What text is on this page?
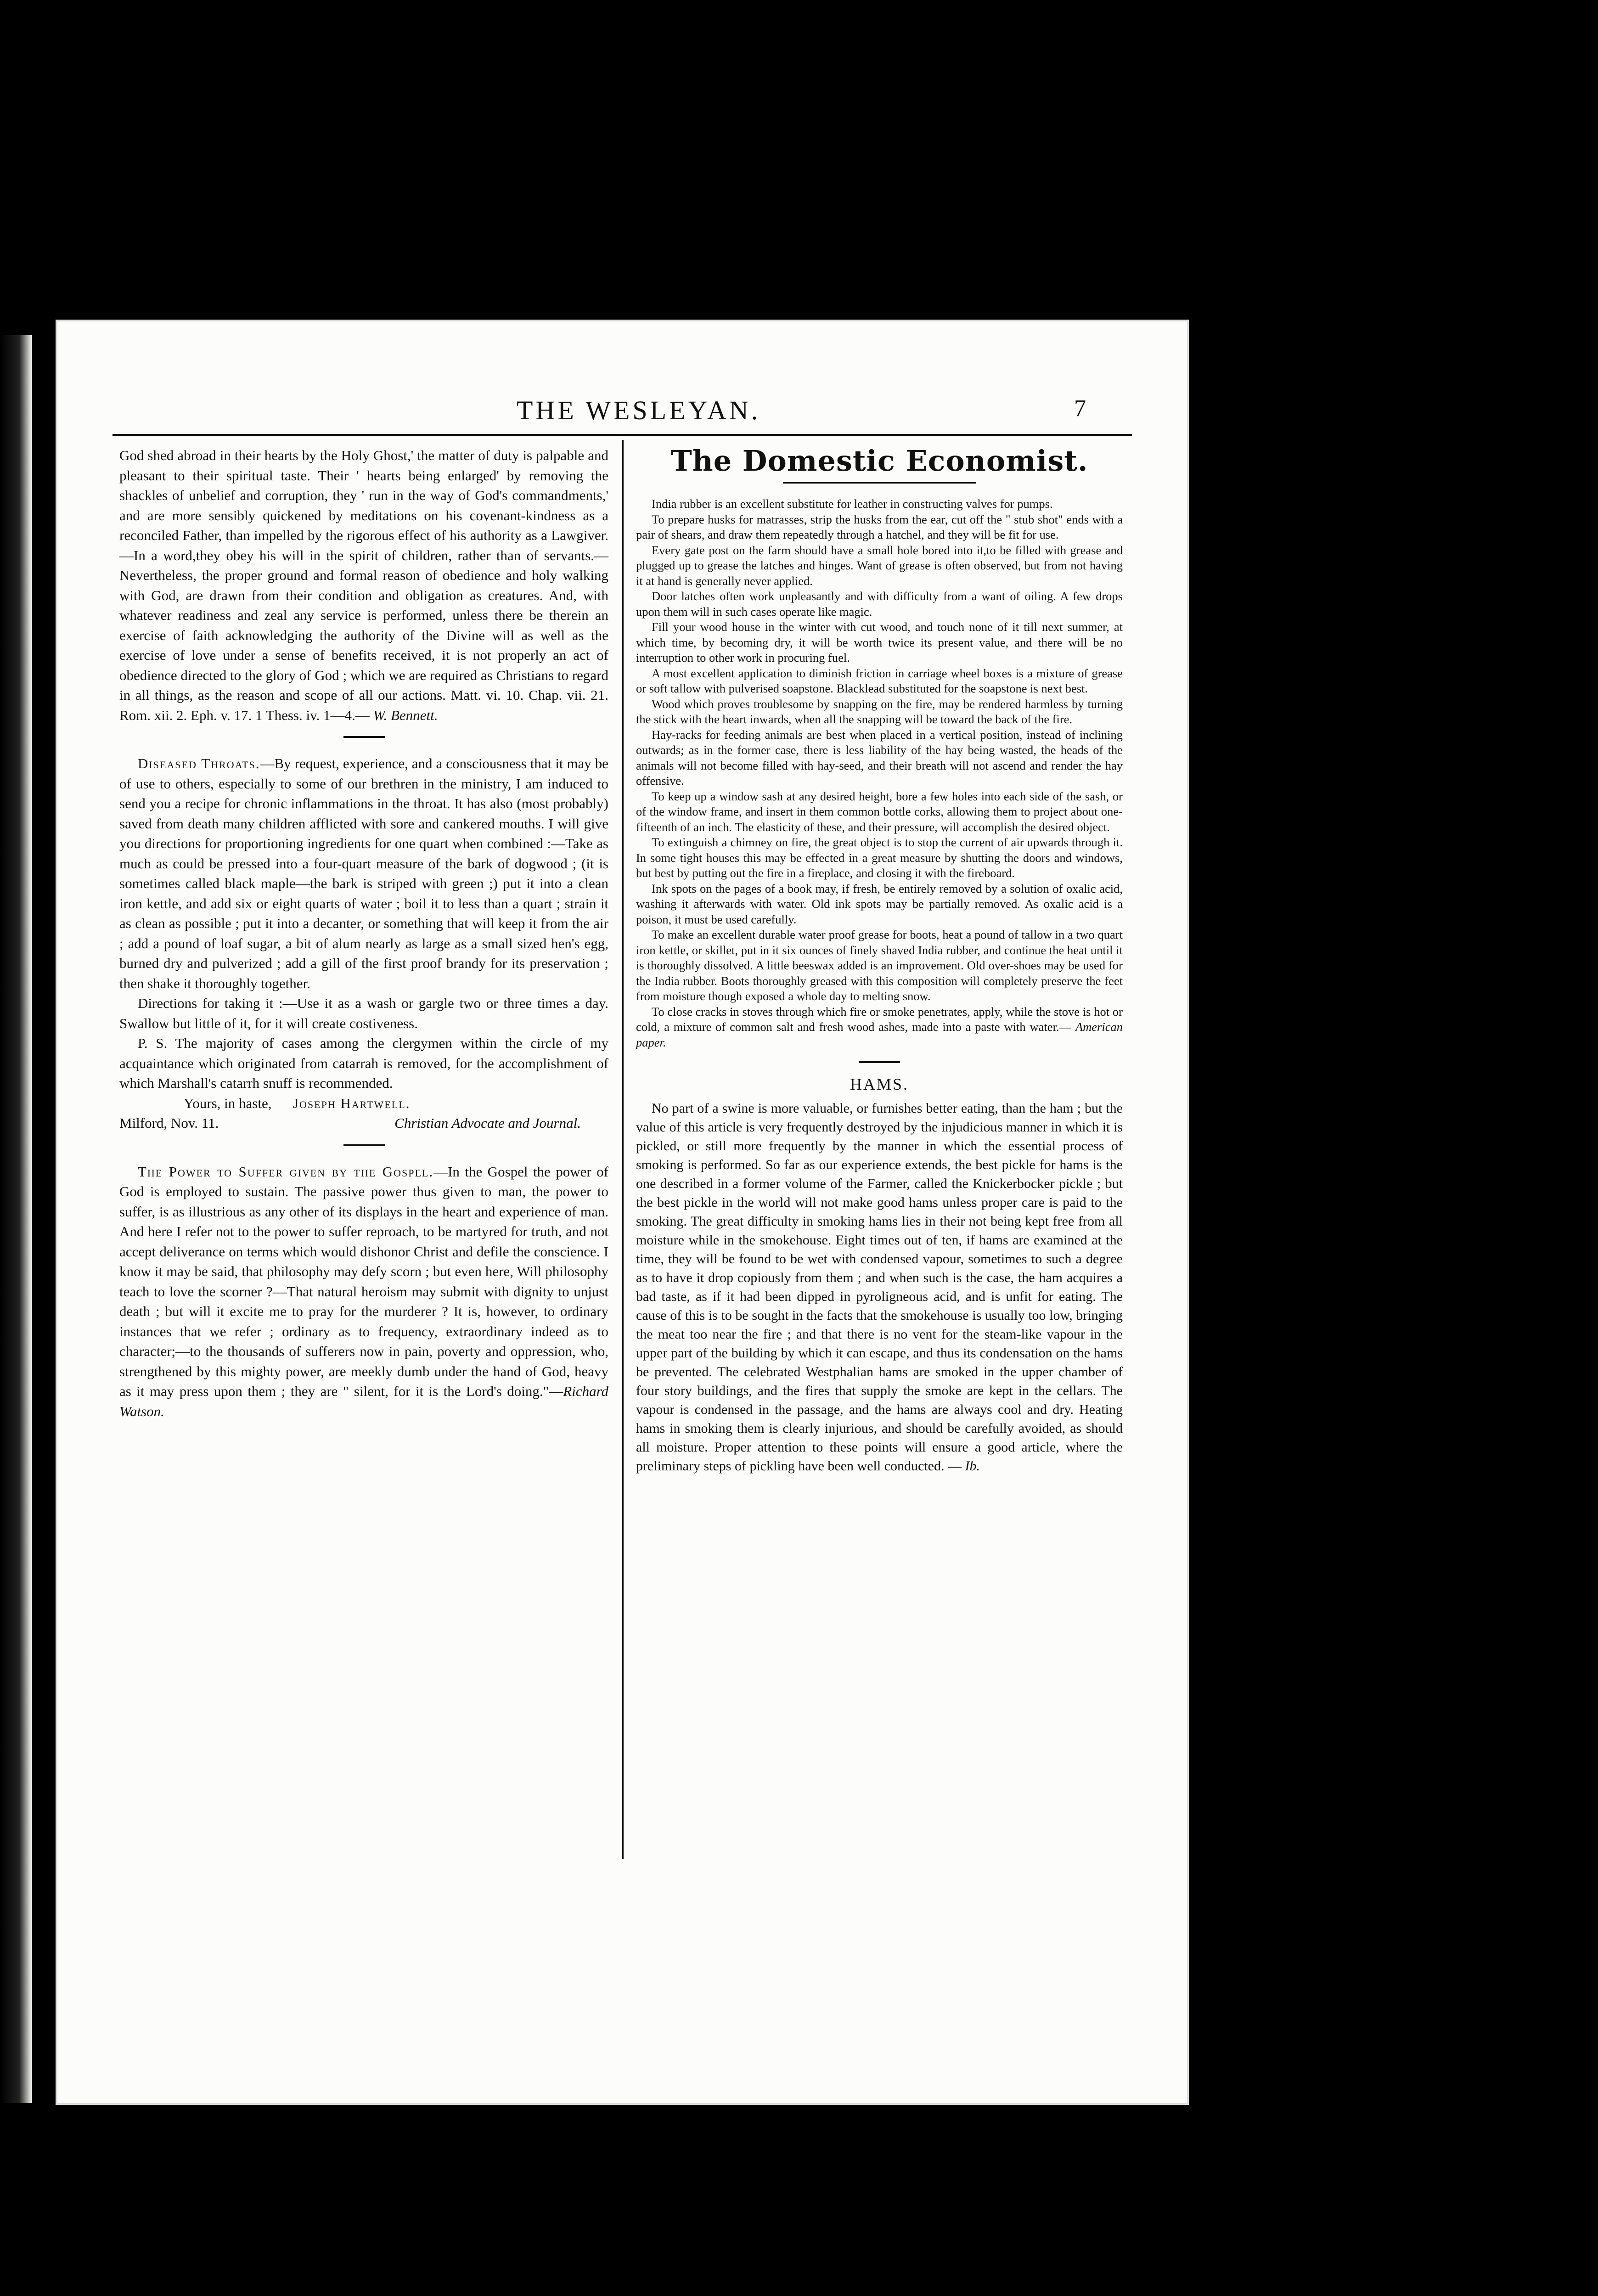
THE WESLEYAN.	7

God shed abroad in their hearts by the Holy Ghost,' the matter of duty is palpable and pleasant to their spiritual taste. Their ' hearts being enlarged' by removing the shackles of unbelief and corruption, they ' run in the way of God's commandments,' and are more sensibly quickened by meditations on his covenant-kindness as a reconciled Father, than impelled by the rigorous effect of his authority as a Lawgiver. —In a word,they obey his will in the spirit of children, rather than of servants.—Nevertheless, the proper ground and formal reason of obedience and holy walking with God, are drawn from their condition and obligation as creatures. And, with whatever readiness and zeal any service is performed, unless there be therein an exercise of faith acknowledging the authority of the Divine will as well as the exercise of love under a sense of benefits received, it is not properly an act of obedience directed to the glory of God ; which we are required as Christians to regard in all things, as the reason and scope of all our actions. Matt. vi. 10. Chap. vii. 21. Rom. xii. 2. Eph. v. 17. 1 Thess. iv. 1—4.— W. Bennett.

Diseased Throats.—By request, experience, and a consciousness that it may be of use to others, especially to some of our brethren in the ministry, I am induced to send you a recipe for chronic inflammations in the throat. It has also (most probably) saved from death many children afflicted with sore and cankered mouths. I will give you directions for proportioning ingredients for one quart when combined :—Take as much as could be pressed into a four-quart measure of the bark of dogwood ; (it is sometimes called black maple—the bark is striped with green ;) put it into a clean iron kettle, and add six or eight quarts of water ; boil it to less than a quart ; strain it as clean as possible ; put it into a decanter, or something that will keep it from the air ; add a pound of loaf sugar, a bit of alum nearly as large as a small sized hen's egg, burned dry and pulverized ; add a gill of the first proof brandy for its preservation ; then shake it thoroughly together.

Directions for taking it :—Use it as a wash or gargle two or three times a day. Swallow but little of it, for it will create costiveness.

P. S. The majority of cases among the clergymen within the circle of my acquaintance which originated from catarrah is removed, for the accomplishment of which Marshall's catarrh snuff is recommended.

Yours, in haste, Joseph Hartwell.

Milford, Nov. 11.	Christian Advocate and Journal.

The Power to Suffer given by the Gospel.—In the Gospel the power of God is employed to sustain. The passive power thus given to man, the power to suffer, is as illustrious as any other of its displays in the heart and experience of man. And here I refer not to the power to suffer reproach, to be martyred for truth, and not accept deliverance on terms which would dishonor Christ and defile the conscience. I know it may be said, that philosophy may defy scorn ; but even here, Will philosophy teach to love the scorner ?—That natural heroism may submit with dignity to unjust death ; but will it excite me to pray for the murderer ? It is, however, to ordinary instances that we refer ; ordinary as to frequency, extraordinary indeed as to character;—to the thousands of sufferers now in pain, poverty and oppression, who, strengthened by this mighty power, are meekly dumb under the hand of God, heavy as it may press upon them ; they are " silent, for it is the Lord's doing."—Richard Watson.

The Domestic Economist.

India rubber is an excellent substitute for leather in constructing valves for pumps.

To prepare husks for matrasses, strip the husks from the ear, cut off the " stub shot" ends with a pair of shears, and draw them repeatedly through a hatchel, and they will be fit for use.

Every gate post on the farm should have a small hole bored into it,to be filled with grease and plugged up to grease the latches and hinges. Want of grease is often observed, but from not having it at hand is generally never applied.

Door latches often work unpleasantly and with difficulty from a want of oiling. A few drops upon them will in such cases operate like magic.

Fill your wood house in the winter with cut wood, and touch none of it till next summer, at which time, by becoming dry, it will be worth twice its present value, and there will be no interruption to other work in procuring fuel.

A most excellent application to diminish friction in carriage wheel boxes is a mixture of grease or soft tallow with pulverised soapstone. Blacklead substituted for the soapstone is next best.

Wood which proves troublesome by snapping on the fire, may be rendered harmless by turning the stick with the heart inwards, when all the snapping will be toward the back of the fire.

Hay-racks for feeding animals are best when placed in a vertical position, instead of inclining outwards; as in the former case, there is less liability of the hay being wasted, the heads of the animals will not become filled with hay-seed, and their breath will not ascend and render the hay offensive.

To keep up a window sash at any desired height, bore a few holes into each side of the sash, or of the window frame, and insert in them common bottle corks, allowing them to project about one-fifteenth of an inch. The elasticity of these, and their pressure, will accomplish the desired object.

To extinguish a chimney on fire, the great object is to stop the current of air upwards through it. In some tight houses this may be effected in a great measure by shutting the doors and windows, but best by putting out the fire in a fireplace, and closing it with the fireboard.

Ink spots on the pages of a book may, if fresh, be entirely removed by a solution of oxalic acid, washing it afterwards with water. Old ink spots may be partially removed. As oxalic acid is a poison, it must be used carefully.

To make an excellent durable water proof grease for boots, heat a pound of tallow in a two quart iron kettle, or skillet, put in it six ounces of finely shaved India rubber, and continue the heat until it is thoroughly dissolved. A little beeswax added is an improvement. Old over-shoes may be used for the India rubber. Boots thoroughly greased with this composition will completely preserve the feet from moisture though exposed a whole day to melting snow.

To close cracks in stoves through which fire or smoke penetrates, apply, while the stove is hot or cold, a mixture of common salt and fresh wood ashes, made into a paste with water.— American paper.

HAMS.

No part of a swine is more valuable, or furnishes better eating, than the ham ; but the value of this article is very frequently destroyed by the injudicious manner in which it is pickled, or still more frequently by the manner in which the essential process of smoking is performed. So far as our experience extends, the best pickle for hams is the one described in a former volume of the Farmer, called the Knickerbocker pickle ; but the best pickle in the world will not make good hams unless proper care is paid to the smoking. The great difficulty in smoking hams lies in their not being kept free from all moisture while in the smokehouse. Eight times out of ten, if hams are examined at the time, they will be found to be wet with condensed vapour, sometimes to such a degree as to have it drop copiously from them ; and when such is the case, the ham acquires a bad taste, as if it had been dipped in pyroligneous acid, and is unfit for eating. The cause of this is to be sought in the facts that the smokehouse is usually too low, bringing the meat too near the fire ; and that there is no vent for the steam-like vapour in the upper part of the building by which it can escape, and thus its condensation on the hams be prevented. The celebrated Westphalian hams are smoked in the upper chamber of four story buildings, and the fires that supply the smoke are kept in the cellars. The vapour is condensed in the passage, and the hams are always cool and dry. Heating hams in smoking them is clearly injurious, and should be carefully avoided, as should all moisture. Proper attention to these points will ensure a good article, where the preliminary steps of pickling have been well conducted. — Ib.
